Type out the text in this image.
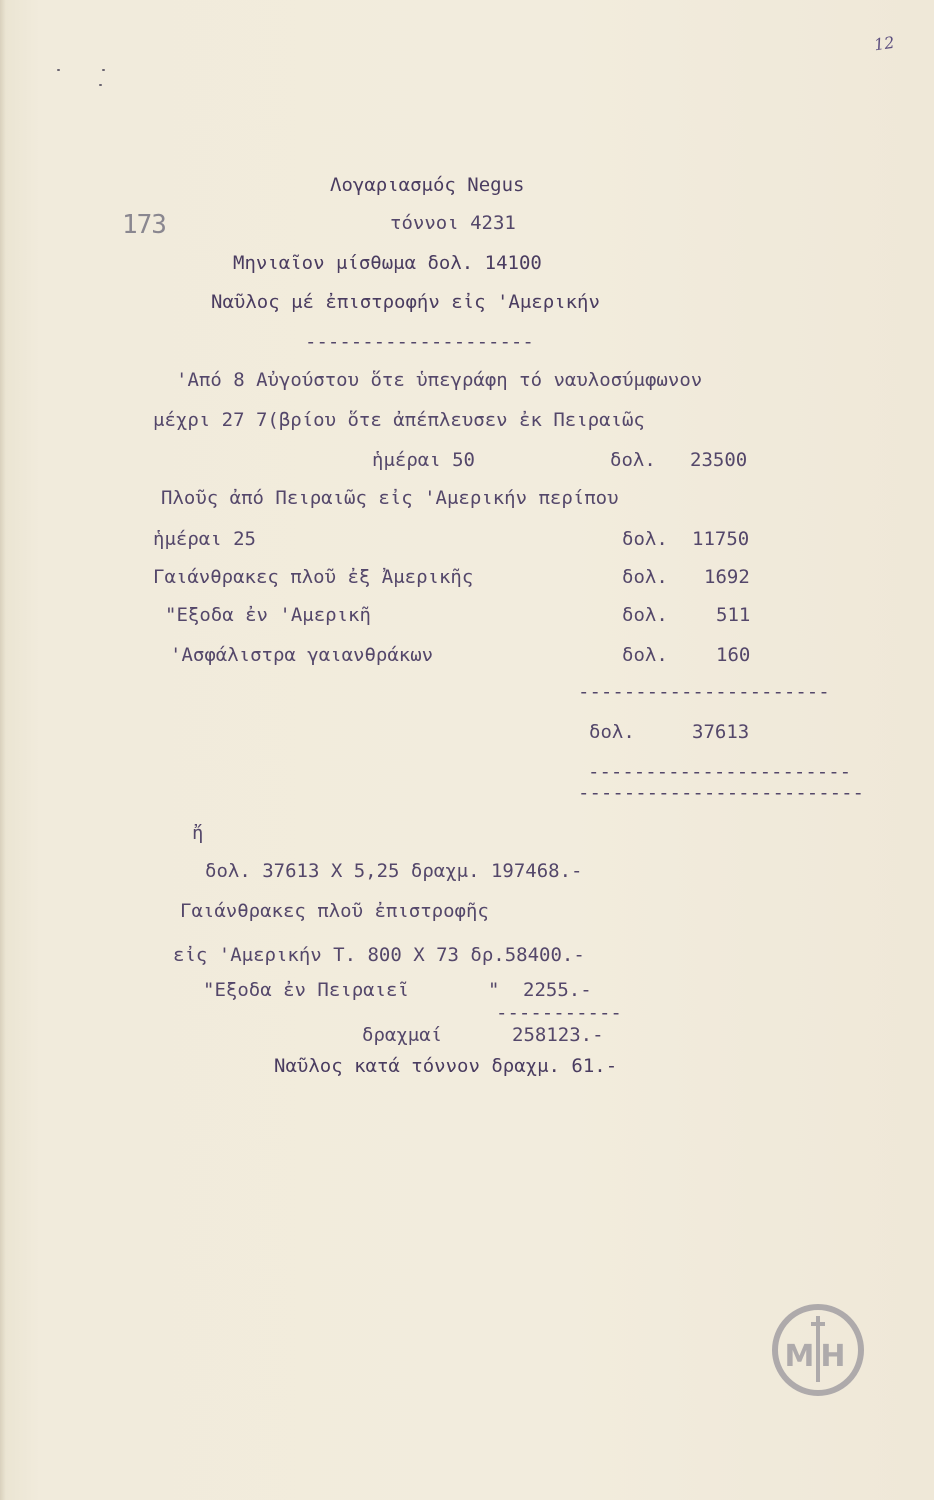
12
173
Λογαριασμός Negus
τόννοι 4231
Μηνιαῖον μίσθωμα δολ. 14100
Ναῦλος μέ ἐπιστροφήν εἰς 'Αμερικήν
--------------------
'Από 8 Αὐγούστου ὅτε ὑπεγράφη τό ναυλοσύμφωνον
μέχρι 27 7(βρίου ὅτε ἀπέπλευσεν ἐκ Πειραιῶς
ἡμέραι 50	δολ. 23500
Πλοῦς ἀπό Πειραιῶς εἰς 'Αμερικήν περίπου
ἡμέραι 25	δολ. 11750
Γαιάνθρακες πλοῦ ἐξ Ἀμερικῆς	δολ. 1692
"Εξοδα ἐν 'Αμερικῆ	δολ.	511
'Ασφάλιστρα γαιανθράκων	δολ.	160
----------------------
δολ.	37613
-----------------------
-------------------------
ἤ
δολ. 37613 Χ 5,25 δραχμ. 197468.-
Γαιάνθρακες πλοῦ ἐπιστροφῆς
εἰς 'Αμερικήν Τ. 800 Χ 73 δρ.58400.-
"Εξοδα ἐν Πειραιεῖ	" 2255.-
-----------
δραχμαί	258123.-
Ναῦλος κατά τόννον δραχμ. 61.-
ΜΗ
